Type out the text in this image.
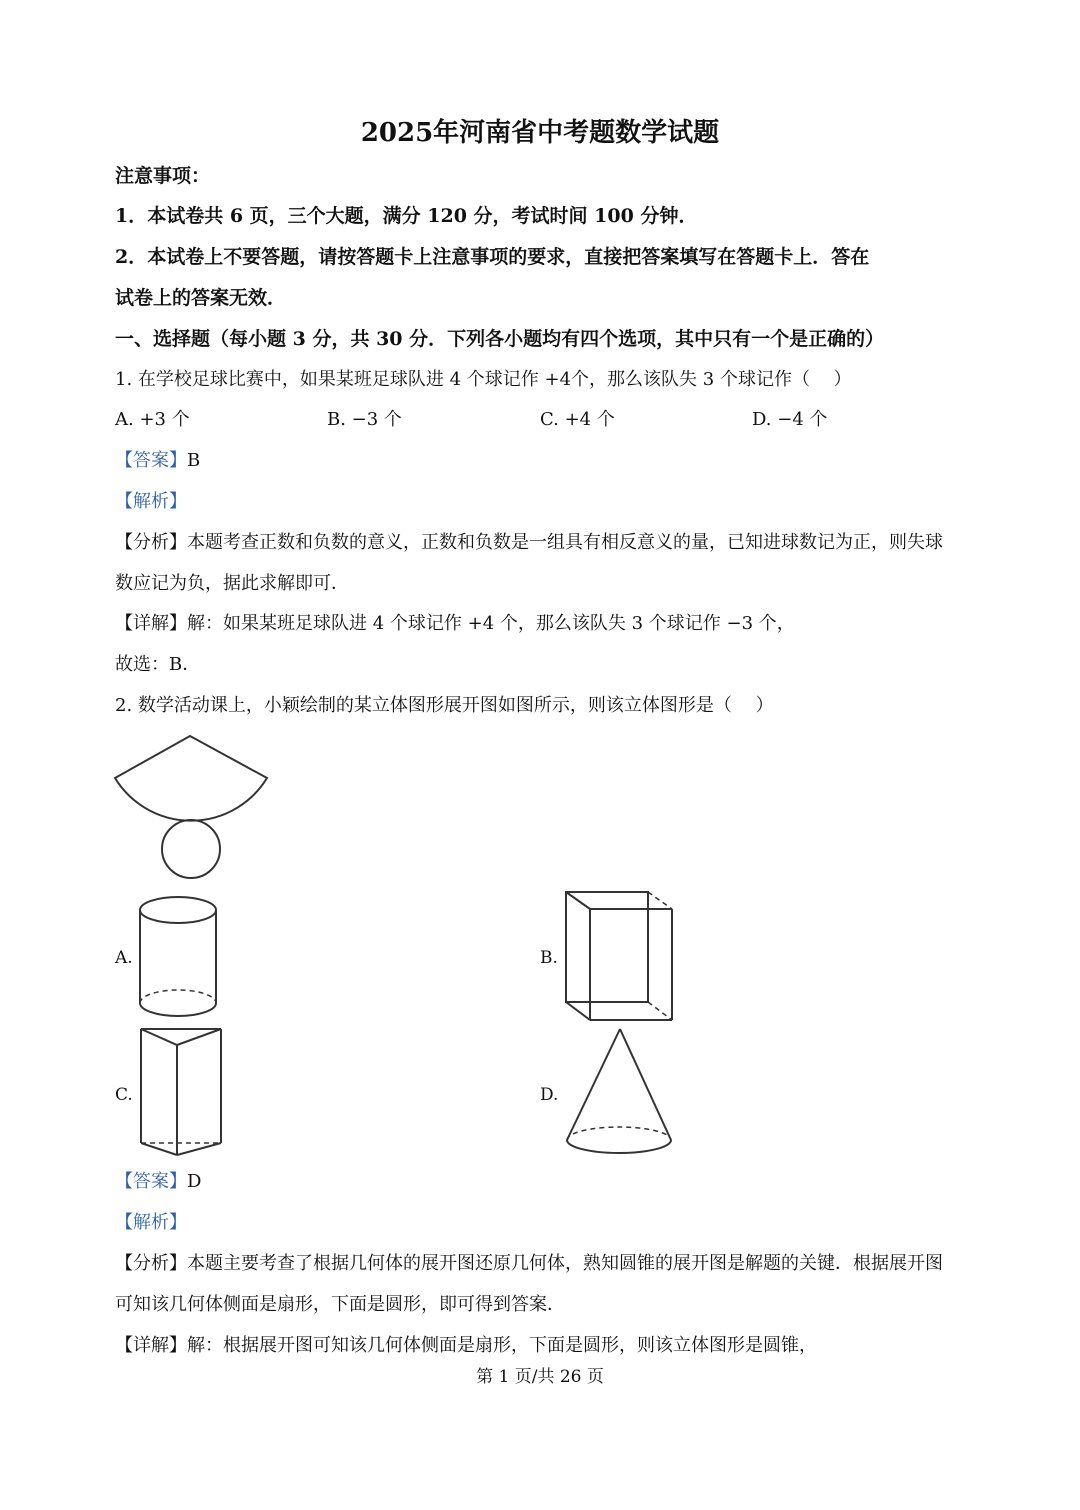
2025年河南省中考题数学试题
注意事项：
1．本试卷共 6 页，三个大题，满分 120 分，考试时间 100 分钟．
2．本试卷上不要答题，请按答题卡上注意事项的要求，直接把答案填写在答题卡上．答在
试卷上的答案无效．
一、选择题（每小题 3 分，共 30 分．下列各小题均有四个选项，其中只有一个是正确的）
1. 在学校足球比赛中，如果某班足球队进 4 个球记作 +4个，那么该队失 3 个球记作（　 ）
A. +3 个	B. −3 个	C. +4 个	D. −4 个
【答案】B
【解析】
【分析】本题考查正数和负数的意义，正数和负数是一组具有相反意义的量，已知进球数记为正，则失球
数应记为负，据此求解即可．
【详解】解：如果某班足球队进 4 个球记作 +4 个，那么该队失 3 个球记作 −3 个，
故选：B．
2. 数学活动课上，小颖绘制的某立体图形展开图如图所示，则该立体图形是（　 ）
A.	B.
C.	D.
【答案】D
【解析】
【分析】本题主要考查了根据几何体的展开图还原几何体，熟知圆锥的展开图是解题的关键．根据展开图
可知该几何体侧面是扇形，下面是圆形，即可得到答案．
【详解】解：根据展开图可知该几何体侧面是扇形，下面是圆形，则该立体图形是圆锥，
第 1 页/共 26 页
